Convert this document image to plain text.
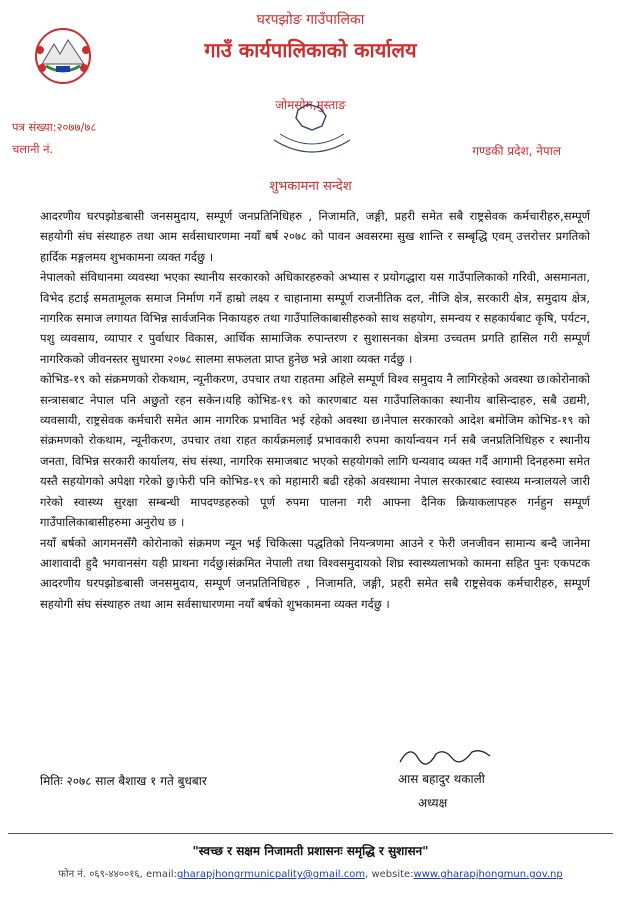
घरपझोङ गाउँपालिका
गाउँ कार्यपालिकाको कार्यालय
जोमसोम,मुस्ताङ
पत्र संख्या:२०७७/७८
चलानी नं.	गण्डकी प्रदेश, नेपाल
शुभकामना सन्देश

आदरणीय घरपझोङबासी जनसमुदाय, सम्पूर्ण जनप्रतिनिधिहरु , निजामति, जङ्गी, प्रहरी समेत सबै राष्ट्रसेवक कर्मचारीहरु,सम्पूर्ण सहयोगी संघ संस्थाहरु तथा आम सर्वसाधारणमा नयाँ बर्ष २०७८ को पावन अवसरमा सुख शान्ति र सम्बृद्धि एवम् उत्तरोत्तर प्रगतिको हार्दिक मङ्गलमय शुभकामना व्यक्त गर्दछु ।

नेपालको संविधानमा व्यवस्था भएका स्थानीय सरकारको अधिकारहरुको अभ्यास र प्रयोगद्धारा यस गाउँपालिकाको गरिवी, असमानता, विभेद हटाई समतामूलक समाज निर्माण गर्ने हाम्रो लक्ष्य र चाहानामा सम्पूर्ण राजनीतिक दल, नीजि क्षेत्र, सरकारी क्षेत्र, समुदाय क्षेत्र, नागरिक समाज लगायत विभिन्न सार्वजनिक निकायहरु तथा गाउँपालिकाबासीहरुको साथ सहयोग, समन्वय र सहकार्यबाट कृषि, पर्यटन, पशु व्यवसाय, व्यापार र पुर्वाधार विकास, आर्थिक सामाजिक रुपान्तरण र सुशासनका क्षेत्रमा उच्चतम प्रगति हासिल गरी सम्पूर्ण नागरिकको जीवनस्तर सुधारमा २०७८ सालमा सफलता प्राप्त हुनेछ भन्ने आशा व्यक्त गर्दछु ।

कोभिड-१९ को संक्रमणको रोकथाम, न्यूनीकरण, उपचार तथा राहतमा अहिले सम्पूर्ण विश्व समुदाय नै लागिरहेको अवस्था छ।कोरोनाको सन्त्रासबाट नेपाल पनि अछुतो रहन सकेन।यहि कोभिड-१९ को कारणबाट यस गाउँपालिकाका स्थानीय बासिन्दाहरु, सबै उद्यमी, व्यवसायी, राष्ट्रसेवक कर्मचारी समेत आम नागरिक प्रभावित भई रहेको अवस्था छ।नेपाल सरकारको आदेश बमोजिम कोभिड-१९ को संक्रमणको रोकथाम, न्यूनीकरण, उपचार तथा राहत कार्यक्रमलाई प्रभावकारी रुपमा कार्यान्वयन गर्न सबै जनप्रतिनिधिहरु र स्थानीय जनता, विभिन्न सरकारी कार्यालय, संघ संस्था, नागरिक समाजबाट भएको सहयोगको लागि धन्यवाद व्यक्त गर्दै आगामी दिनहरुमा समेत यस्तै सहयोगको अपेक्षा गरेको छु।फेरी पनि कोभिड-१९ को महामारी बढी रहेको अवस्थामा नेपाल सरकारबाट स्वास्थ्य मन्त्रालयले जारी गरेको स्वास्थ्य सुरक्षा सम्बन्धी मापदण्डहरुको पूर्ण रुपमा पालना गरी आफ्ना दैनिक क्रियाकलापहरु गर्नहुन सम्पूर्ण गाउँपालिकाबासीहरुमा अनुरोध छ ।

नयाँ बर्षको आगमनसँगै कोरोनाको संक्रमण न्यून भई चिकित्सा पद्धतिको नियन्त्रणमा आउने र फेरी जनजीवन सामान्य बन्दै जानेमा आशावादी हुदै भगवानसंग यही प्राथना गर्दछु।संक्रमित नेपाली तथा विश्वसमुदायको शिघ्र स्वास्थ्यलाभको कामना सहित पुनः एकपटक आदरणीय घरपझोङबासी जनसमुदाय, सम्पूर्ण जनप्रतिनिधिहरु , निजामति, जङ्गी, प्रहरी समेत सबै राष्ट्रसेवक कर्मचारीहरु, सम्पूर्ण सहयोगी संघ संस्थाहरु तथा आम सर्वसाधारणमा नयाँ बर्षको शुभकामना व्यक्त गर्दछु ।

मितिः २०७८ साल बैशाख १ गते बुधबार	आस बहादुर थकाली
अध्यक्ष
"स्वच्छ र सक्षम निजामती प्रशासनः समृद्धि र सुशासन"
फोन नं. ०६९-४४००१६, email:gharapjhongrmunicpality@gmail.com, website:www.gharapjhongmun.gov.np
